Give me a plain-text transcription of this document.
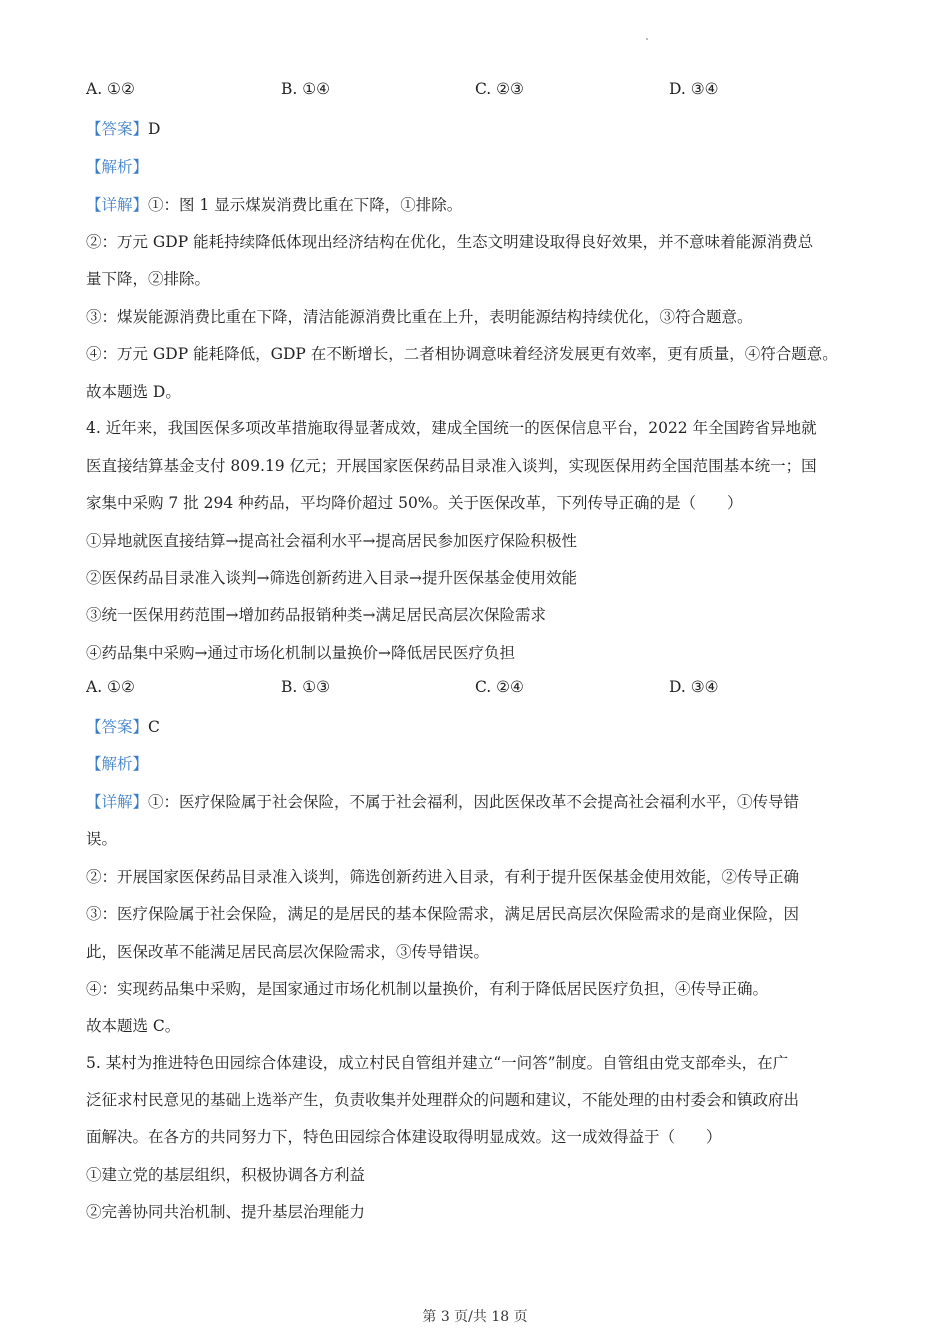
A. ①②	B. ①④	C. ②③	D. ③④
【答案】D
【解析】
【详解】①：图 1 显示煤炭消费比重在下降，①排除。
②：万元 GDP 能耗持续降低体现出经济结构在优化，生态文明建设取得良好效果，并不意味着能源消费总
量下降，②排除。
③：煤炭能源消费比重在下降，清洁能源消费比重在上升，表明能源结构持续优化，③符合题意。
④：万元 GDP 能耗降低，GDP 在不断增长，二者相协调意味着经济发展更有效率，更有质量，④符合题意。
故本题选 D。
4. 近年来，我国医保多项改革措施取得显著成效，建成全国统一的医保信息平台，2022 年全国跨省异地就
医直接结算基金支付 809.19 亿元；开展国家医保药品目录准入谈判，实现医保用药全国范围基本统一；国
家集中采购 7 批 294 种药品，平均降价超过 50%。关于医保改革，下列传导正确的是（　　）
①异地就医直接结算→提高社会福利水平→提高居民参加医疗保险积极性
②医保药品目录准入谈判→筛选创新药进入目录→提升医保基金使用效能
③统一医保用药范围→增加药品报销种类→满足居民高层次保险需求
④药品集中采购→通过市场化机制以量换价→降低居民医疗负担
A. ①②	B. ①③	C. ②④	D. ③④
【答案】C
【解析】
【详解】①：医疗保险属于社会保险，不属于社会福利，因此医保改革不会提高社会福利水平，①传导错
误。
②：开展国家医保药品目录准入谈判，筛选创新药进入目录，有利于提升医保基金使用效能，②传导正确
③：医疗保险属于社会保险，满足的是居民的基本保险需求，满足居民高层次保险需求的是商业保险，因
此，医保改革不能满足居民高层次保险需求，③传导错误。
④：实现药品集中采购，是国家通过市场化机制以量换价，有利于降低居民医疗负担，④传导正确。
故本题选 C。
5. 某村为推进特色田园综合体建设，成立村民自管组并建立“一问答”制度。自管组由党支部牵头，在广
泛征求村民意见的基础上选举产生，负责收集并处理群众的问题和建议，不能处理的由村委会和镇政府出
面解决。在各方的共同努力下，特色田园综合体建设取得明显成效。这一成效得益于（　　）
①建立党的基层组织，积极协调各方利益
②完善协同共治机制、提升基层治理能力
第 3 页/共 18 页
